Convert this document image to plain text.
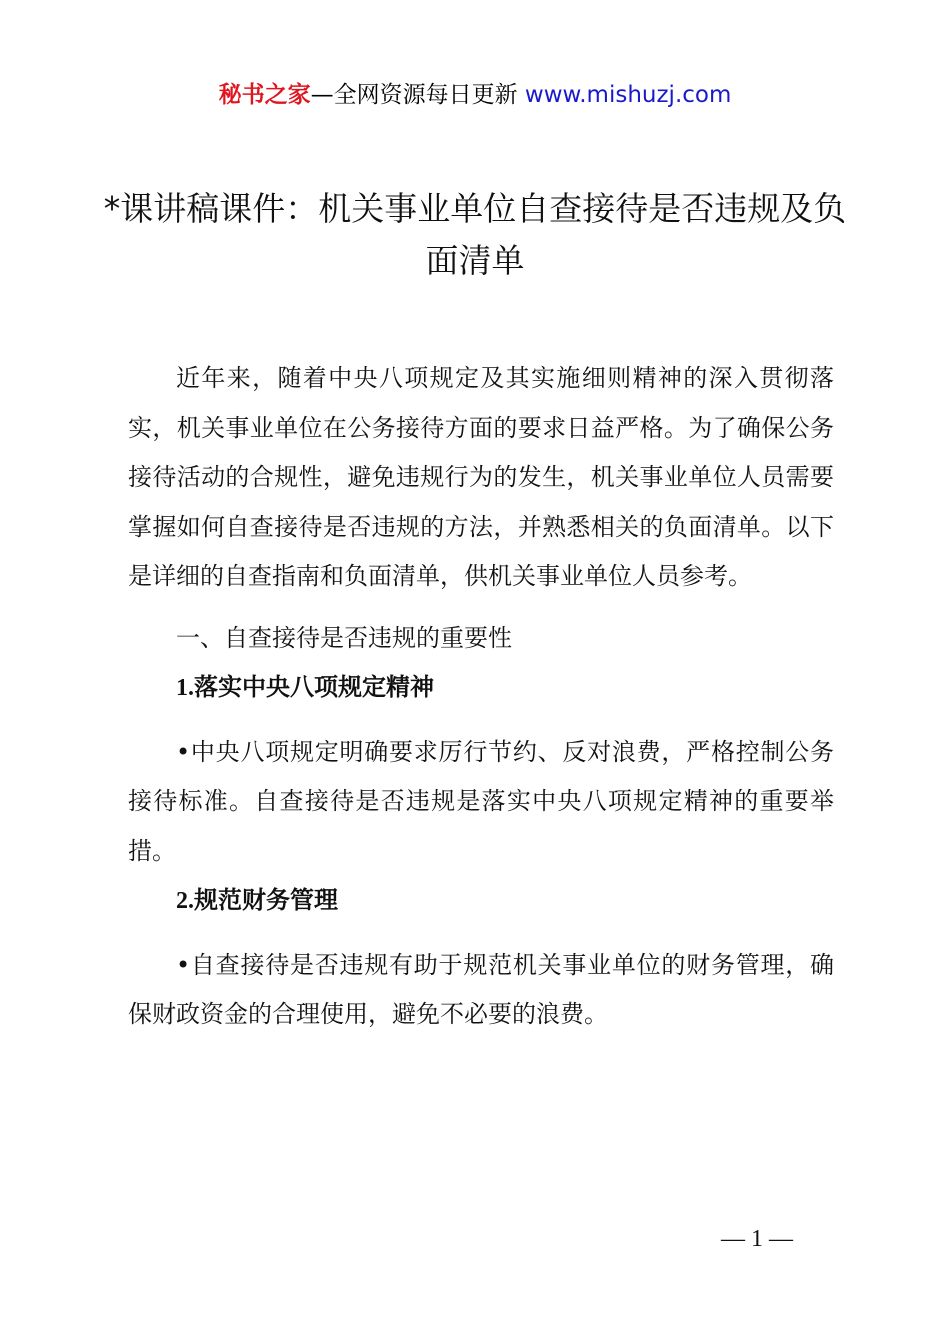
秘书之家—全网资源每日更新 www.mishuzj.com
*课讲稿课件：机关事业单位自查接待是否违规及负面清单

近年来，随着中央八项规定及其实施细则精神的深入贯彻落实，机关事业单位在公务接待方面的要求日益严格。为了确保公务接待活动的合规性，避免违规行为的发生，机关事业单位人员需要掌握如何自查接待是否违规的方法，并熟悉相关的负面清单。以下是详细的自查指南和负面清单，供机关事业单位人员参考。

一、自查接待是否违规的重要性

1.落实中央八项规定精神

•中央八项规定明确要求厉行节约、反对浪费，严格控制公务接待标准。自查接待是否违规是落实中央八项规定精神的重要举措。

2.规范财务管理

•自查接待是否违规有助于规范机关事业单位的财务管理，确保财政资金的合理使用，避免不必要的浪费。

— 1 —
